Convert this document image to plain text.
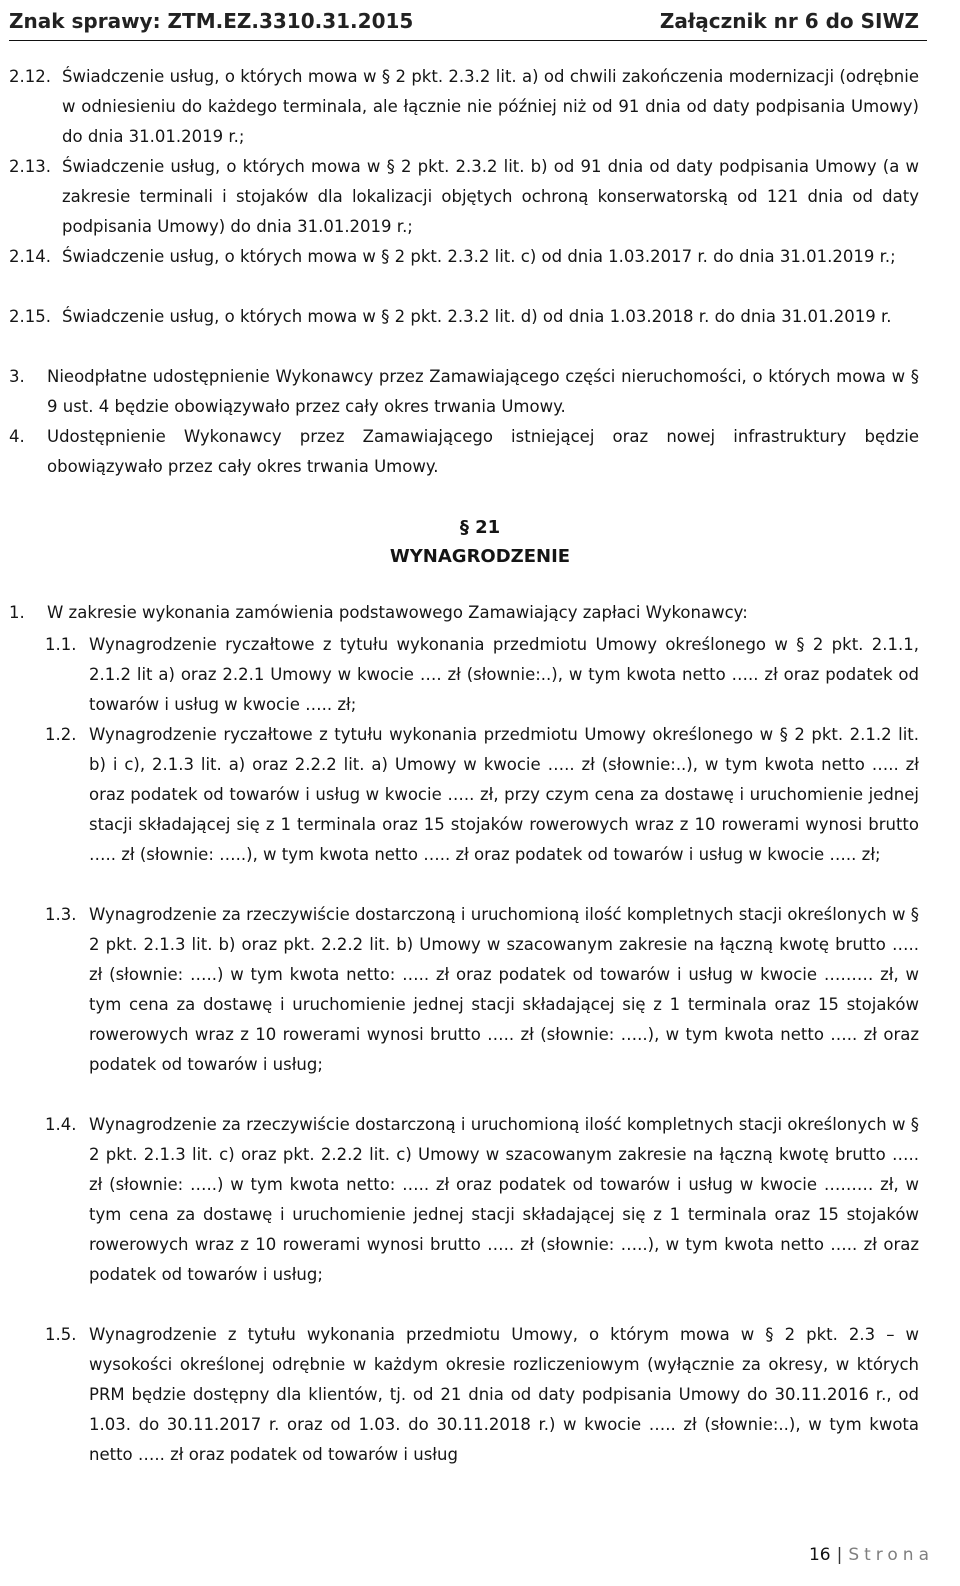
Znak sprawy: ZTM.EZ.3310.31.2015	Załącznik nr 6 do SIWZ
2.12. Świadczenie usług, o których mowa w § 2 pkt. 2.3.2 lit. a) od chwili zakończenia modernizacji (odrębnie w odniesieniu do każdego terminala, ale łącznie nie później niż od 91 dnia od daty podpisania Umowy) do dnia 31.01.2019 r.;

2.13. Świadczenie usług, o których mowa w § 2 pkt. 2.3.2 lit. b) od 91 dnia od daty podpisania Umowy (a w zakresie terminali i stojaków dla lokalizacji objętych ochroną konserwatorską od 121 dnia od daty podpisania Umowy) do dnia 31.01.2019 r.;

2.14. Świadczenie usług, o których mowa w § 2 pkt. 2.3.2 lit. c) od dnia 1.03.2017 r. do dnia 31.01.2019 r.;

2.15. Świadczenie usług, o których mowa w § 2 pkt. 2.3.2 lit. d) od dnia 1.03.2018 r. do dnia 31.01.2019 r.

3. Nieodpłatne udostępnienie Wykonawcy przez Zamawiającego części nieruchomości, o których mowa w § 9 ust. 4 będzie obowiązywało przez cały okres trwania Umowy.

4. Udostępnienie Wykonawcy przez Zamawiającego istniejącej oraz nowej infrastruktury będzie obowiązywało przez cały okres trwania Umowy.

§ 21
WYNAGRODZENIE
1. W zakresie wykonania zamówienia podstawowego Zamawiający zapłaci Wykonawcy:

1.1. Wynagrodzenie ryczałtowe z tytułu wykonania przedmiotu Umowy określonego w § 2 pkt. 2.1.1, 2.1.2 lit a) oraz 2.2.1 Umowy w kwocie …. zł (słownie:..), w tym kwota netto ….. zł oraz podatek od towarów i usług w kwocie ….. zł;

1.2. Wynagrodzenie ryczałtowe z tytułu wykonania przedmiotu Umowy określonego w § 2 pkt. 2.1.2 lit. b) i c), 2.1.3 lit. a) oraz 2.2.2 lit. a) Umowy w kwocie ….. zł (słownie:..), w tym kwota netto ….. zł oraz podatek od towarów i usług w kwocie ….. zł, przy czym cena za dostawę i uruchomienie jednej stacji składającej się z 1 terminala oraz 15 stojaków rowerowych wraz z 10 rowerami wynosi brutto ….. zł (słownie: …..), w tym kwota netto ….. zł oraz podatek od towarów i usług w kwocie ….. zł;

1.3. Wynagrodzenie za rzeczywiście dostarczoną i uruchomioną ilość kompletnych stacji określonych w § 2 pkt. 2.1.3 lit. b) oraz pkt. 2.2.2 lit. b) Umowy w szacowanym zakresie na łączną kwotę brutto ….. zł (słownie: …..) w tym kwota netto: ….. zł oraz podatek od towarów i usług w kwocie ……… zł, w tym cena za dostawę i uruchomienie jednej stacji składającej się z 1 terminala oraz 15 stojaków rowerowych wraz z 10 rowerami wynosi brutto ….. zł (słownie: …..), w tym kwota netto ….. zł oraz podatek od towarów i usług;

1.4. Wynagrodzenie za rzeczywiście dostarczoną i uruchomioną ilość kompletnych stacji określonych w § 2 pkt. 2.1.3 lit. c) oraz pkt. 2.2.2 lit. c) Umowy w szacowanym zakresie na łączną kwotę brutto ….. zł (słownie: …..) w tym kwota netto: ….. zł oraz podatek od towarów i usług w kwocie ……… zł, w tym cena za dostawę i uruchomienie jednej stacji składającej się z 1 terminala oraz 15 stojaków rowerowych wraz z 10 rowerami wynosi brutto ….. zł (słownie: …..), w tym kwota netto ….. zł oraz podatek od towarów i usług;

1.5. Wynagrodzenie z tytułu wykonania przedmiotu Umowy, o którym mowa w § 2 pkt. 2.3 – w wysokości określonej odrębnie w każdym okresie rozliczeniowym (wyłącznie za okresy, w których PRM będzie dostępny dla klientów, tj. od 21 dnia od daty podpisania Umowy do 30.11.2016 r., od 1.03. do 30.11.2017 r. oraz od 1.03. do 30.11.2018 r.) w kwocie ….. zł (słownie:..), w tym kwota netto ….. zł oraz podatek od towarów i usług

16 | Strona
